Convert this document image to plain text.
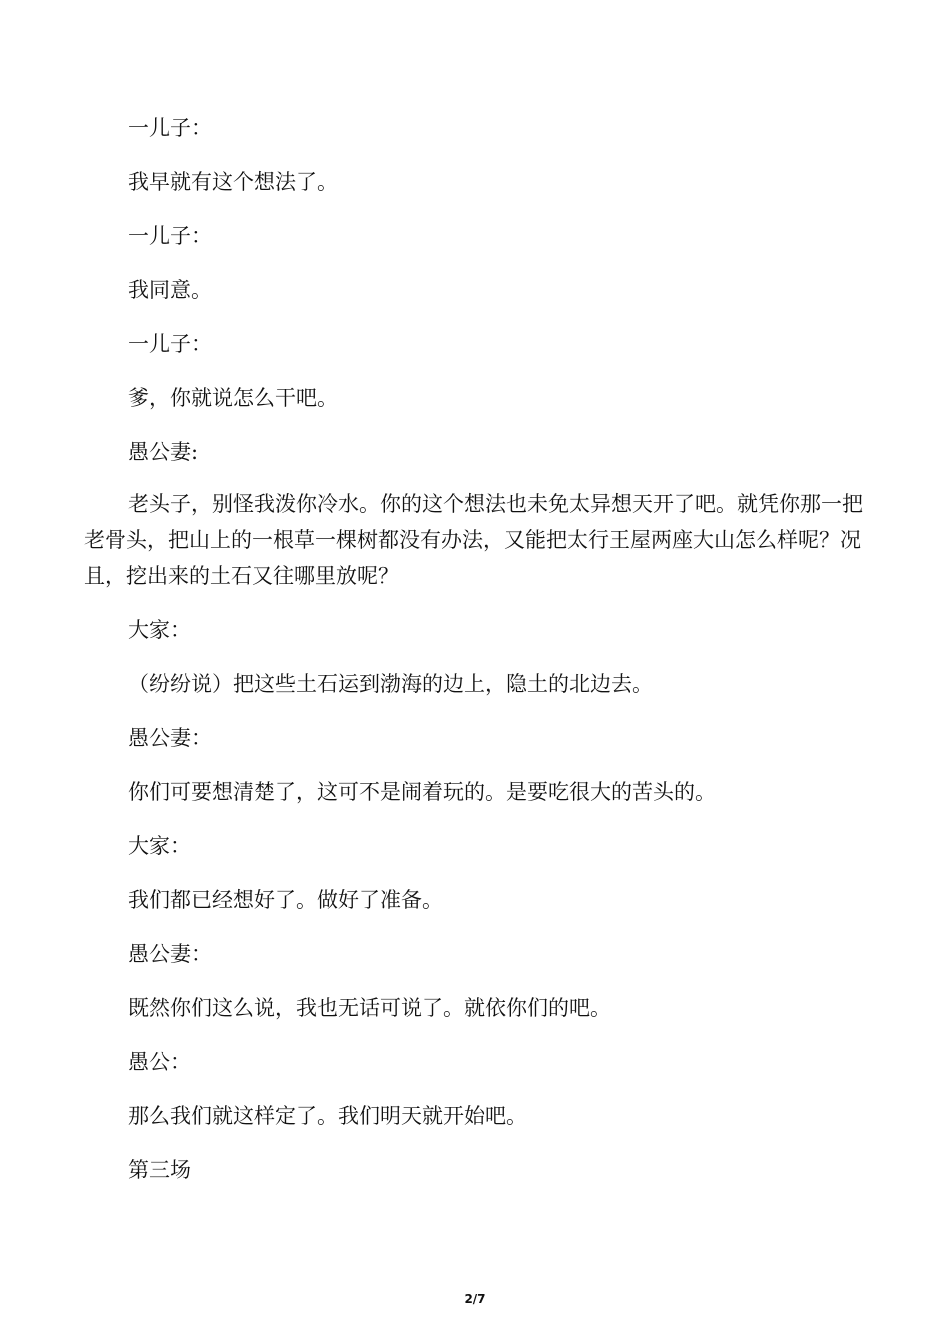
一儿子：

我早就有这个想法了。

一儿子：

我同意。

一儿子：

爹，你就说怎么干吧。

愚公妻:

老头子，别怪我泼你冷水。你的这个想法也未免太异想天开了吧。就凭你那一把老骨头，把山上的一根草一棵树都没有办法，又能把太行王屋两座大山怎么样呢？况且，挖出来的土石又往哪里放呢？

大家：

（纷纷说）把这些土石运到渤海的边上，隐土的北边去。

愚公妻：

你们可要想清楚了，这可不是闹着玩的。是要吃很大的苦头的。

大家：

我们都已经想好了。做好了准备。

愚公妻：

既然你们这么说，我也无话可说了。就依你们的吧。

愚公：

那么我们就这样定了。我们明天就开始吧。

第三场

2/7
